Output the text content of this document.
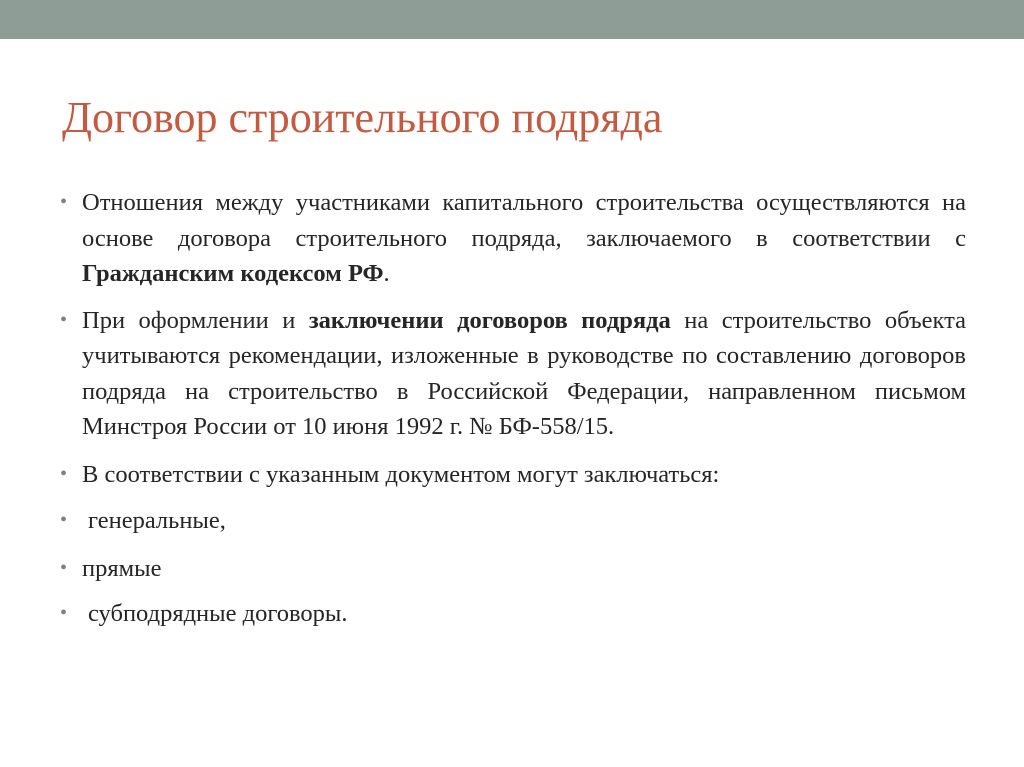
Договор строительного подряда
• Отношения между участниками капитального строительства осуществляются на основе договора строительного подряда, заключаемого в соответствии с Гражданским кодексом РФ.
• При оформлении и заключении договоров подряда на строительство объекта учитываются рекомендации, изложенные в руководстве по составлению договоров подряда на строительство в Российской Федерации, направленном письмом Минстроя России от 10 июня 1992 г. № БФ-558/15.
• В соответствии с указанным документом могут заключаться:
• генеральные,
• прямые
• субподрядные договоры.
